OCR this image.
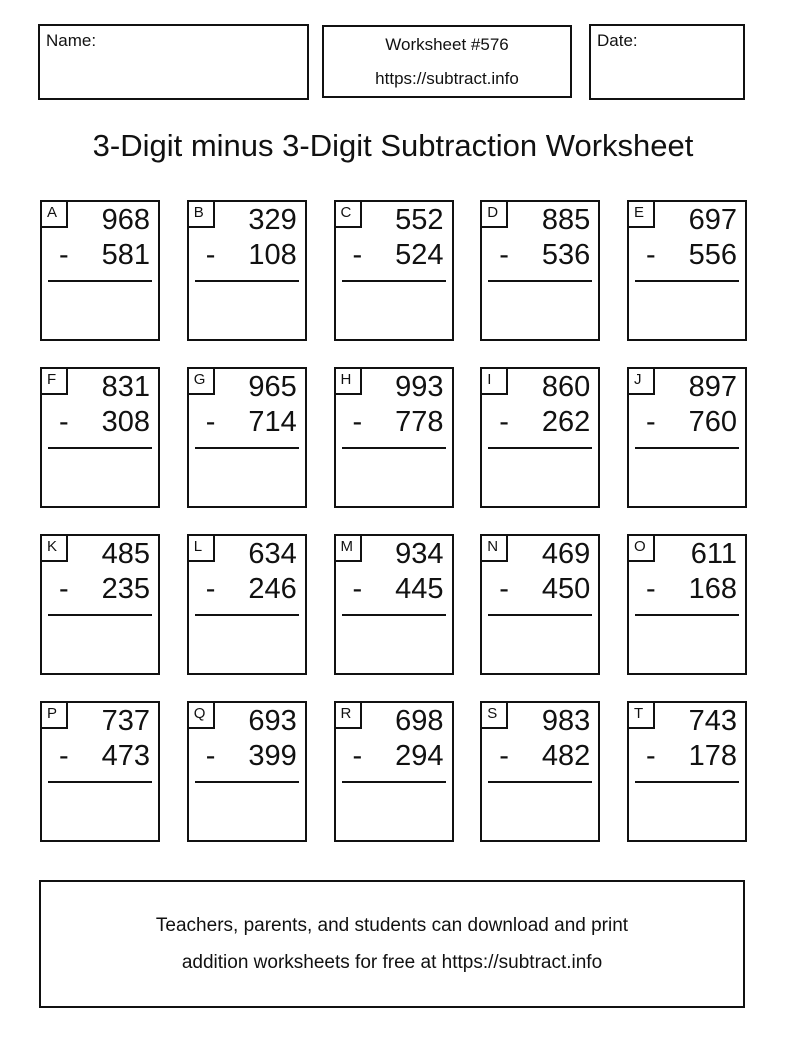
Name:	Worksheet #576
https://subtract.info
Date:
3-Digit minus 3-Digit Subtraction Worksheet
A	968
- 581
B	329
- 108
C	552
- 524
D	885
- 536
E	697
- 556
F	831
- 308
G	965
- 714
H	993
- 778
I	860
- 262
J	897
- 760
K	485
- 235
L	634
- 246
M 934
- 445
N	469
- 450
O	611
- 168
P	737
- 473
Q	693
- 399
R	698
- 294
S	983
- 482
T	743
- 178
Teachers, parents, and students can download and print
addition worksheets for free at https://subtract.info
